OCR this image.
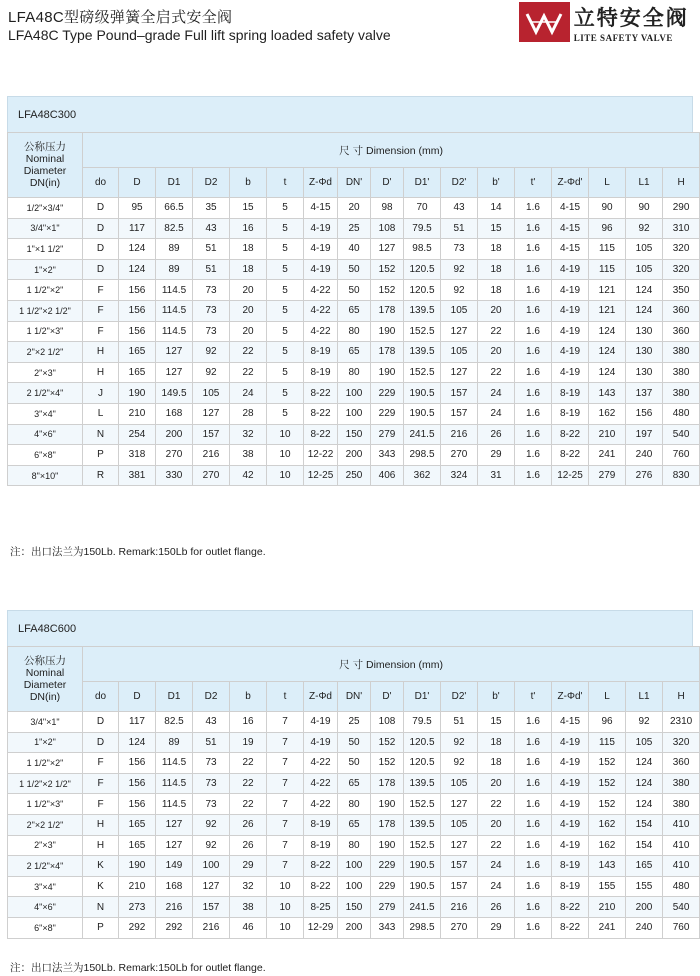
LFA48C型磅级弹簧全启式安全阀
LFA48C Type Pound–grade Full lift spring loaded safety valve
立特安全阀
LITE SAFETY VALVE
LFA48C300
公称压力
Nominal
Diameter
DN(in)	尺 寸 Dimension (mm)																
	do	D	D1	D2	b	t	Z-Φd	DN'	D'	D1'	D2'	b'	t'	Z-Φd'	L	L1	H
1/2"×3/4"	D	95	66.5	35	15	5	4-15	20	98	70	43	14	1.6	4-15	90	90	290
3/4"×1"	D	117	82.5	43	16	5	4-19	25	108	79.5	51	15	1.6	4-15	96	92	310
1"×1 1/2"	D	124	89	51	18	5	4-19	40	127	98.5	73	18	1.6	4-15	115	105	320
1"×2"	D	124	89	51	18	5	4-19	50	152	120.5	92	18	1.6	4-19	115	105	320
1 1/2"×2"	F	156	114.5	73	20	5	4-22	50	152	120.5	92	18	1.6	4-19	121	124	350
1 1/2"×2 1/2"	F	156	114.5	73	20	5	4-22	65	178	139.5	105	20	1.6	4-19	121	124	360
1 1/2"×3"	F	156	114.5	73	20	5	4-22	80	190	152.5	127	22	1.6	4-19	124	130	360
2"×2 1/2"	H	165	127	92	22	5	8-19	65	178	139.5	105	20	1.6	4-19	124	130	380
2"×3"	H	165	127	92	22	5	8-19	80	190	152.5	127	22	1.6	4-19	124	130	380
2 1/2"×4"	J	190	149.5	105	24	5	8-22	100	229	190.5	157	24	1.6	8-19	143	137	380
3"×4"	L	210	168	127	28	5	8-22	100	229	190.5	157	24	1.6	8-19	162	156	480
4"×6"	N	254	200	157	32	10	8-22	150	279	241.5	216	26	1.6	8-22	210	197	540
6"×8"	P	318	270	216	38	10	12-22	200	343	298.5	270	29	1.6	8-22	241	240	760
8"×10"	R	381	330	270	42	10	12-25	250	406	362	324	31	1.6	12-25	279	276	830
注：出口法兰为150Lb. Remark:150Lb for outlet flange.
LFA48C600
公称压力
Nominal
Diameter
DN(in)	尺 寸 Dimension (mm)																
	do	D	D1	D2	b	t	Z-Φd	DN'	D'	D1'	D2'	b'	t'	Z-Φd'	L	L1	H
3/4"×1"	D	117	82.5	43	16	7	4-19	25	108	79.5	51	15	1.6	4-15	96	92	2310
1"×2"	D	124	89	51	19	7	4-19	50	152	120.5	92	18	1.6	4-19	115	105	320
1 1/2"×2"	F	156	114.5	73	22	7	4-22	50	152	120.5	92	18	1.6	4-19	152	124	360
1 1/2"×2 1/2"	F	156	114.5	73	22	7	4-22	65	178	139.5	105	20	1.6	4-19	152	124	380
1 1/2"×3"	F	156	114.5	73	22	7	4-22	80	190	152.5	127	22	1.6	4-19	152	124	380
2"×2 1/2"	H	165	127	92	26	7	8-19	65	178	139.5	105	20	1.6	4-19	162	154	410
2"×3"	H	165	127	92	26	7	8-19	80	190	152.5	127	22	1.6	4-19	162	154	410
2 1/2"×4"	K	190	149	100	29	7	8-22	100	229	190.5	157	24	1.6	8-19	143	165	410
3"×4"	K	210	168	127	32	10	8-22	100	229	190.5	157	24	1.6	8-19	155	155	480
4"×6"	N	273	216	157	38	10	8-25	150	279	241.5	216	26	1.6	8-22	210	200	540
6"×8"	P	292	292	216	46	10	12-29	200	343	298.5	270	29	1.6	8-22	241	240	760
注：出口法兰为150Lb. Remark:150Lb for outlet flange.
